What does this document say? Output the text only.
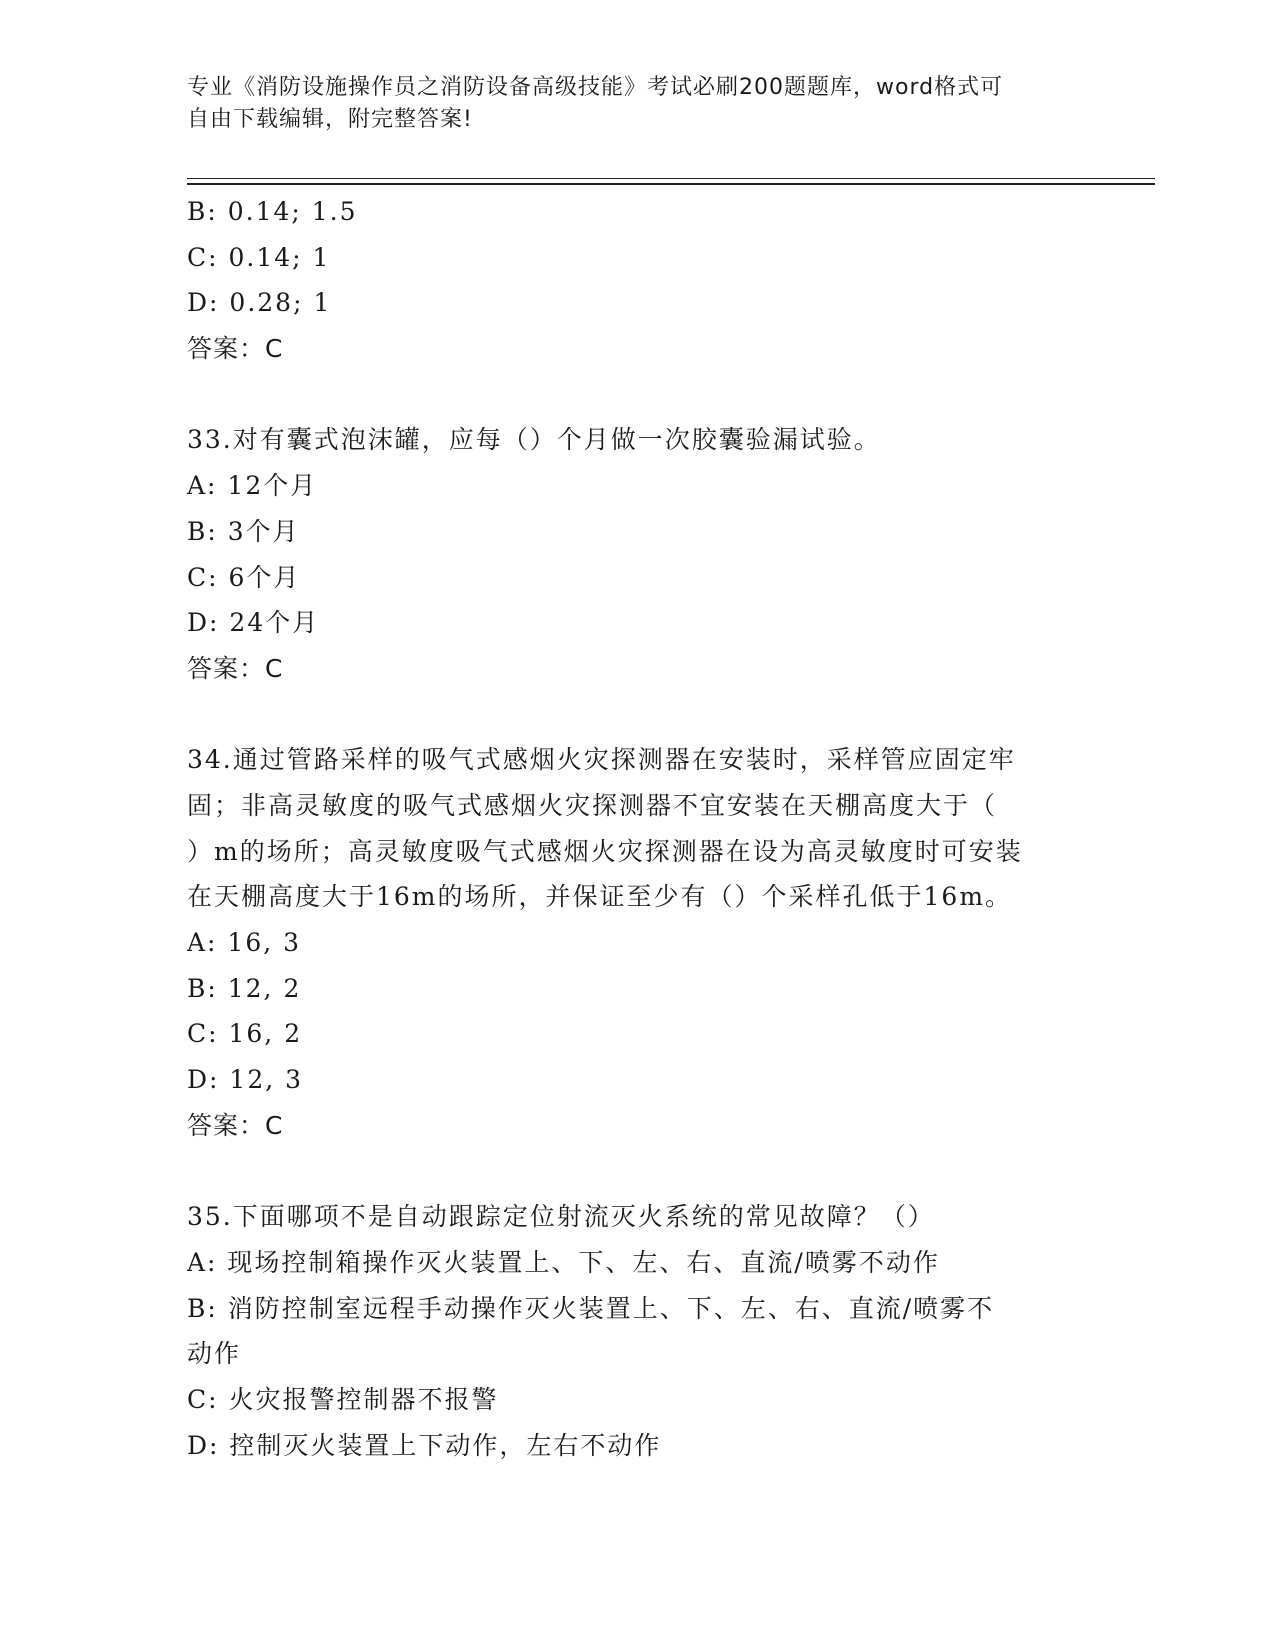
专业《消防设施操作员之消防设备高级技能》考试必刷200题题库，word格式可
自由下载编辑，附完整答案!
B: 0.14; 1.5
C: 0.14; 1
D: 0.28; 1
答案：C
33.对有囊式泡沫罐，应每（）个月做一次胶囊验漏试验。
A: 12个月
B: 3个月
C: 6个月
D: 24个月
答案：C
34.通过管路采样的吸气式感烟火灾探测器在安装时，采样管应固定牢
固；非高灵敏度的吸气式感烟火灾探测器不宜安装在天棚高度大于（
）m的场所；高灵敏度吸气式感烟火灾探测器在设为高灵敏度时可安装
在天棚高度大于16m的场所，并保证至少有（）个采样孔低于16m。
A: 16, 3
B: 12, 2
C: 16, 2
D: 12, 3
答案：C
35.下面哪项不是自动跟踪定位射流灭火系统的常见故障？（）
A: 现场控制箱操作灭火装置上、下、左、右、直流/喷雾不动作
B: 消防控制室远程手动操作灭火装置上、下、左、右、直流/喷雾不
动作
C: 火灾报警控制器不报警
D: 控制灭火装置上下动作，左右不动作
